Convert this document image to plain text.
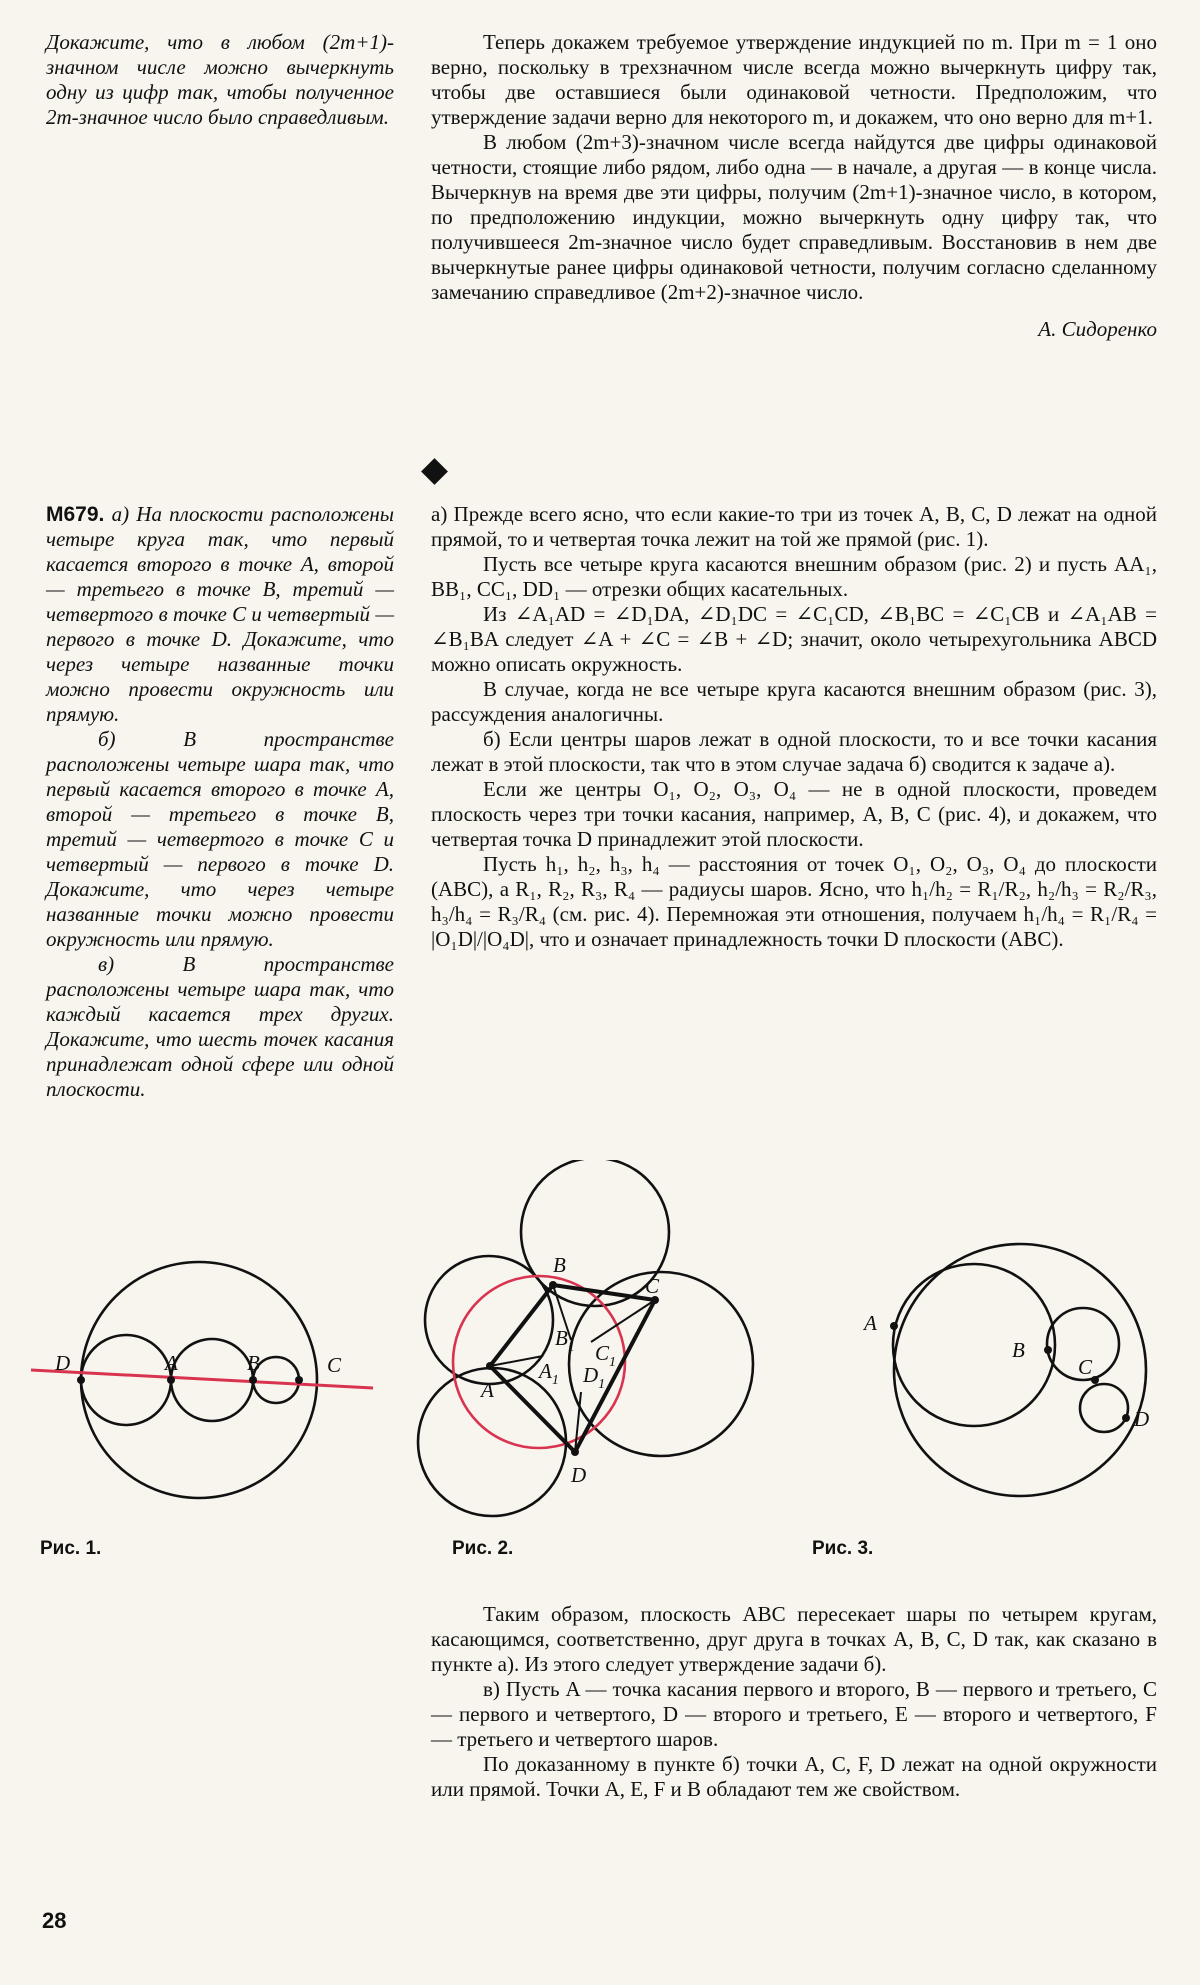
Докажите, что в любом (2m+1)-значном числе можно вычеркнуть одну из цифр так, чтобы полученное 2m-значное число было справедливым.

Теперь докажем требуемое утверждение индукцией по m. При m = 1 оно верно, поскольку в трехзначном числе всегда можно вычеркнуть цифру так, чтобы две оставшиеся были одинаковой четности. Предположим, что утверждение задачи верно для некоторого m, и докажем, что оно верно для m+1.

В любом (2m+3)-значном числе всегда найдутся две цифры одинаковой четности, стоящие либо рядом, либо одна — в начале, а другая — в конце числа. Вычеркнув на время две эти цифры, получим (2m+1)-значное число, в котором, по предположению индукции, можно вычеркнуть одну цифру так, что получившееся 2m-значное число будет справедливым. Восстановив в нем две вычеркнутые ранее цифры одинаковой четности, получим согласно сделанному замечанию справедливое (2m+2)-значное число.

А. Сидоренко

М679. а) На плоскости расположены четыре круга так, что первый касается второго в точке A, второй — третьего в точке B, третий — четвертого в точке C и четвертый — первого в точке D. Докажите, что через четыре названные точки можно провести окружность или прямую.

б) В пространстве расположены четыре шара так, что первый касается второго в точке A, второй — третьего в точке B, третий — четвертого в точке C и четвертый — первого в точке D. Докажите, что через четыре названные точки можно провести окружность или прямую.

в) В пространстве расположены четыре шара так, что каждый касается трех других. Докажите, что шесть точек касания принадлежат одной сфере или одной плоскости.

а) Прежде всего ясно, что если какие-то три из точек A, B, C, D лежат на одной прямой, то и четвертая точка лежит на той же прямой (рис. 1).

Пусть все четыре круга касаются внешним образом (рис. 2) и пусть AA₁, BB₁, CC₁, DD₁ — отрезки общих касательных.

Из ∠A₁AD = ∠D₁DA, ∠D₁DC = ∠C₁CD, ∠B₁BC = ∠C₁CB и ∠A₁AB = ∠B₁BA следует ∠A + ∠C = ∠B + ∠D; значит, около четырехугольника ABCD можно описать окружность.

В случае, когда не все четыре круга касаются внешним образом (рис. 3), рассуждения аналогичны.

б) Если центры шаров лежат в одной плоскости, то и все точки касания лежат в этой плоскости, так что в этом случае задача б) сводится к задаче а).

Если же центры O₁, O₂, O₃, O₄ — не в одной плоскости, проведем плоскость через три точки касания, например, A, B, C (рис. 4), и докажем, что четвертая точка D принадлежит этой плоскости.

Пусть h₁, h₂, h₃, h₄ — расстояния от точек O₁, O₂, O₃, O₄ до плоскости (ABC), а R₁, R₂, R₃, R₄ — радиусы шаров. Ясно, что h₁/h₂ = R₁/R₂, h₂/h₃ = R₂/R₃, h₃/h₄ = R₃/R₄ (см. рис. 4). Перемножая эти отношения, получаем h₁/h₄ = R₁/R₄ = |O₁D|/|O₄D|, что и означает принадлежность точки D плоскости (ABC).

D	A	B	C
B
C
A
D
$B_1$ $C_1$
$A_1$ $D_1$
A
B
C
D
Рис. 1.	Рис. 2.	Рис. 3.

Таким образом, плоскость ABC пересекает шары по четырем кругам, касающимся, соответственно, друг друга в точках A, B, C, D так, как сказано в пункте а). Из этого следует утверждение задачи б).

в) Пусть A — точка касания первого и второго, B — первого и третьего, C — первого и четвертого, D — второго и третьего, E — второго и четвертого, F — третьего и четвертого шаров.

По доказанному в пункте б) точки A, C, F, D лежат на одной окружности или прямой. Точки A, E, F и B обладают тем же свойством.

28
